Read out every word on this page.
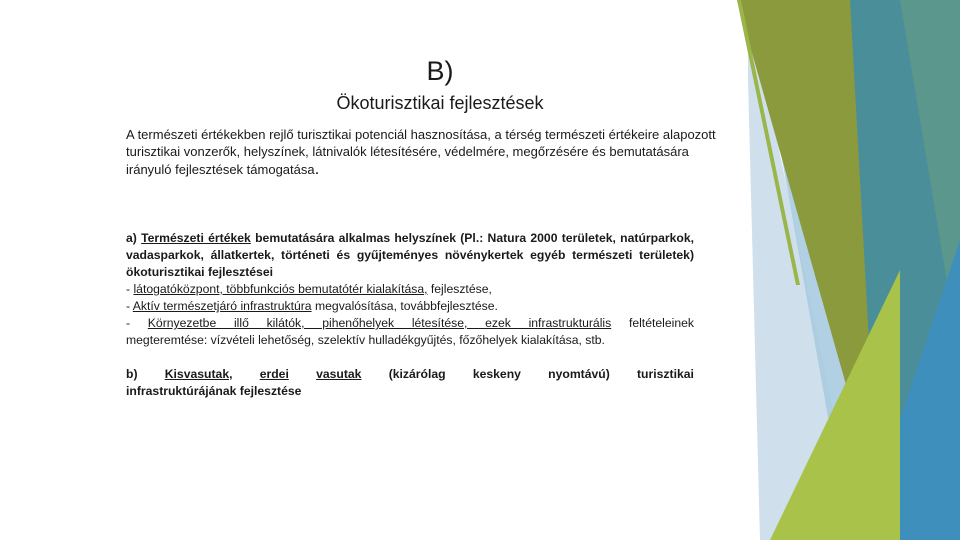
B)
Ökoturisztikai fejlesztések

A természeti értékekben rejlő turisztikai potenciál hasznosítása, a térség természeti értékeire alapozott turisztikai vonzerők, helyszínek, látnivalók létesítésére, védelmére, megőrzésére és bemutatására irányuló fejlesztések támogatása.

a) Természeti értékek bemutatására alkalmas helyszínek (Pl.: Natura 2000 területek, natúrparkok, vadasparkok, állatkertek, történeti és gyűjteményes növénykertek egyéb természeti területek) ökoturisztikai fejlesztései
- látogatóközpont, többfunkciós bemutatótér kialakítása, fejlesztése,
- Aktív természetjáró infrastruktúra megvalósítása, továbbfejlesztése.
- Környezetbe illő kilátók, pihenőhelyek létesítése, ezek infrastrukturális feltételeinek megteremtése: vízvételi lehetőség, szelektív hulladékgyűjtés, főzőhelyek kialakítása, stb.
b) Kisvasutak, erdei vasutak (kizárólag keskeny nyomtávú) turisztikai
infrastruktúrájának fejlesztése
